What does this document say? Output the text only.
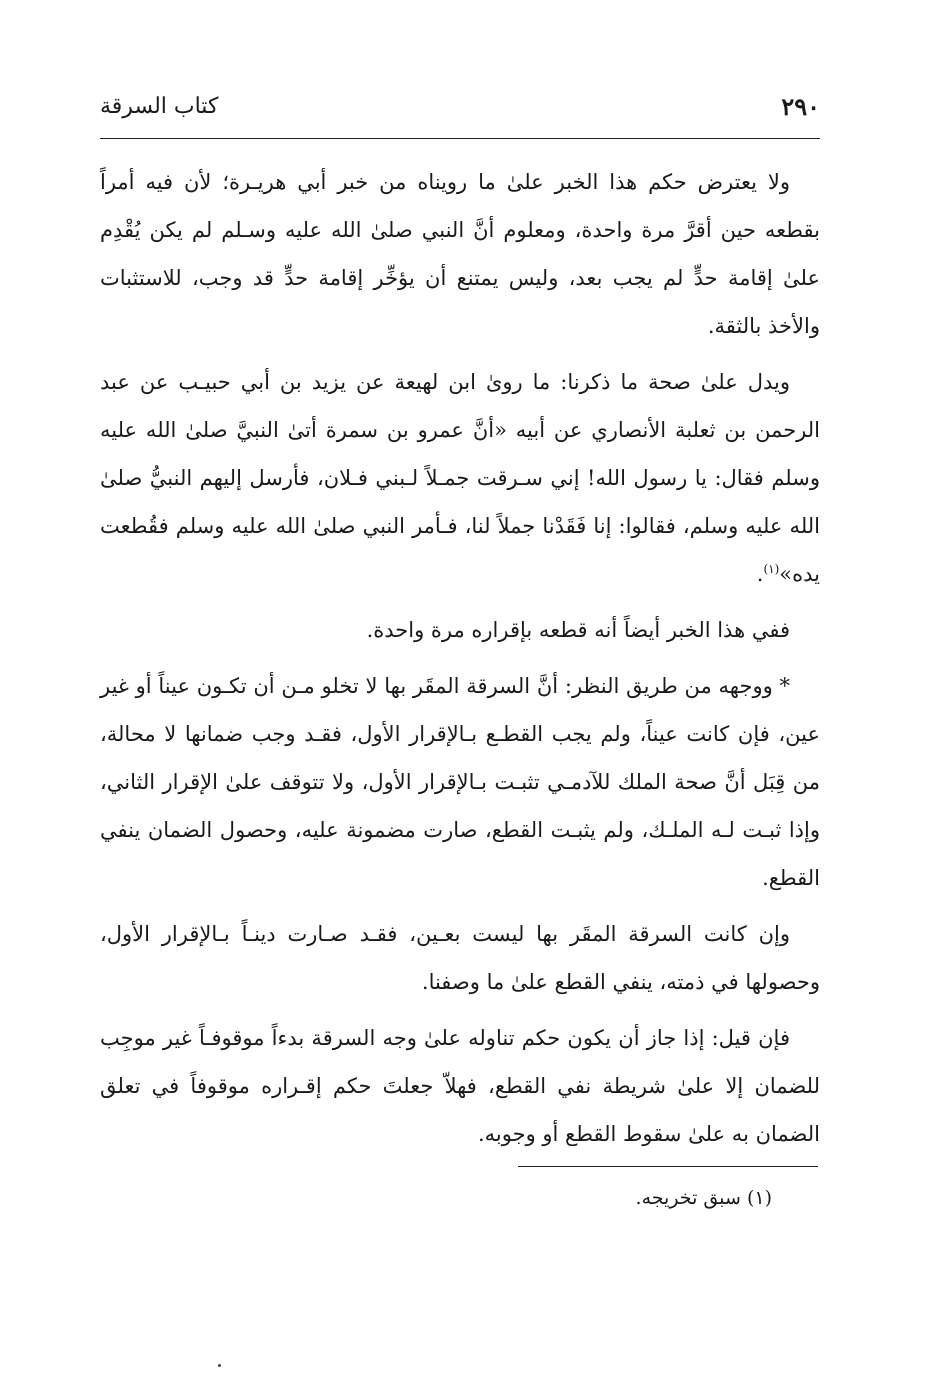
٢٩٠
كتاب السرقة

ولا يعترض حكم هذا الخبر علىٰ ما رويناه من خبر أبي هريـرة؛ لأن فيه أمراً بقطعه حين أقرَّ مرة واحدة، ومعلوم أنَّ النبي صلىٰ الله عليه وسـلم لم يكن يُقْدِم علىٰ إقامة حدٍّ لم يجب بعد، وليس يمتنع أن يؤخِّر إقامة حدٍّ قد وجب، للاستثبات والأخذ بالثقة.

ويدل علىٰ صحة ما ذكرنا: ما روىٰ ابن لهيعة عن يزيد بن أبي حبيـب عن عبد الرحمن بن ثعلبة الأنصاري عن أبيه «أنَّ عمرو بن سمرة أتىٰ النبيَّ صلىٰ الله عليه وسلم فقال: يا رسول الله! إني سـرقت جمـلاً لـبني فـلان، فأرسل إليهم النبيُّ صلىٰ الله عليه وسلم، فقالوا: إنا فَقَدْنا جملاً لنا، فـأمر النبي صلىٰ الله عليه وسلم فقُطعت يده»$^{(١)}$.

ففي هذا الخبر أيضاً أنه قطعه بإقراره مرة واحدة.

* ووجهه من طريق النظر: أنَّ السرقة المقَر بها لا تخلو مـن أن تكـون عيناً أو غير عين، فإن كانت عيناً، ولم يجب القطـع بـالإقرار الأول، فقـد وجب ضمانها لا محالة، من قِبَل أنَّ صحة الملك للآدمـي تثبـت بـالإقرار الأول، ولا تتوقف علىٰ الإقرار الثاني، وإذا ثبـت لـه الملـك، ولم يثبـت القطع، صارت مضمونة عليه، وحصول الضمان ينفي القطع.

وإن كانت السرقة المقَر بها ليست بعـين، فقـد صـارت دينـاً بـالإقرار الأول، وحصولها في ذمته، ينفي القطع علىٰ ما وصفنا.

فإن قيل: إذا جاز أن يكون حكم تناوله علىٰ وجه السرقة بدءاً موقوفـاً غير موجِب للضمان إلا علىٰ شريطة نفي القطع، فهلاّ جعلتَ حكم إقـراره موقوفاً في تعلق الضمان به علىٰ سقوط القطع أو وجوبه.

(١) سبق تخريجه.
